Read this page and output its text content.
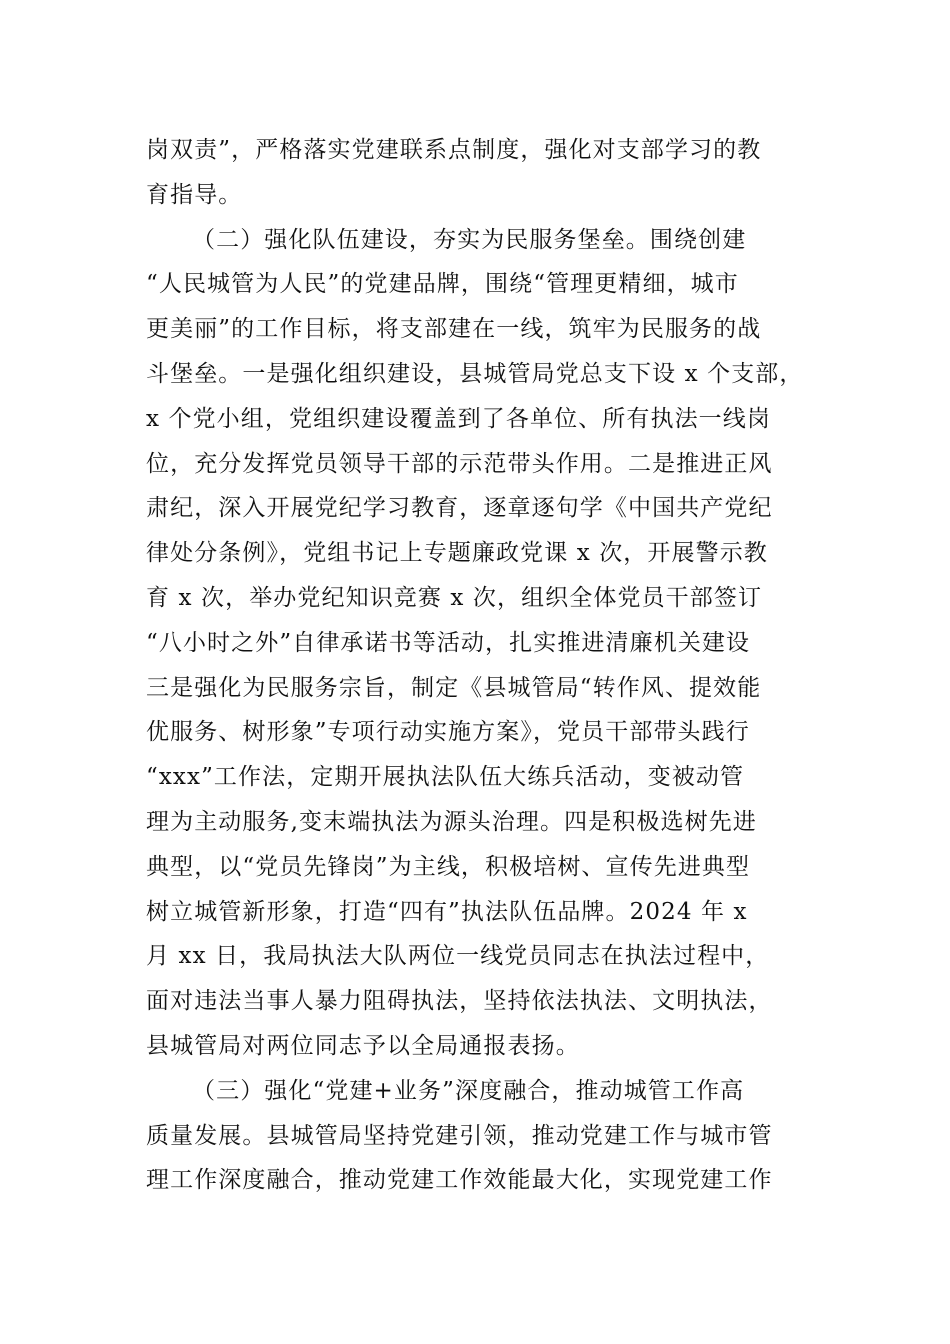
岗双责”，严格落实党建联系点制度，强化对支部学习的教
育指导。
（二）强化队伍建设，夯实为民服务堡垒。围绕创建
“人民城管为人民”的党建品牌，围绕“管理更精细，城市
更美丽”的工作目标，将支部建在一线，筑牢为民服务的战
斗堡垒。一是强化组织建设，县城管局党总支下设 x 个支部，
x 个党小组，党组织建设覆盖到了各单位、所有执法一线岗
位，充分发挥党员领导干部的示范带头作用。二是推进正风
肃纪，深入开展党纪学习教育，逐章逐句学《中国共产党纪
律处分条例》，党组书记上专题廉政党课 x 次，开展警示教
育 x 次，举办党纪知识竞赛 x 次，组织全体党员干部签订
“八小时之外”自律承诺书等活动，扎实推进清廉机关建设
三是强化为民服务宗旨，制定《县城管局“转作风、提效能
优服务、树形象”专项行动实施方案》，党员干部带头践行
“xxx”工作法，定期开展执法队伍大练兵活动，变被动管
理为主动服务,变末端执法为源头治理。四是积极选树先进
典型，以“党员先锋岗”为主线，积极培树、宣传先进典型
树立城管新形象，打造“四有”执法队伍品牌。2024 年 x
月 xx 日，我局执法大队两位一线党员同志在执法过程中，
面对违法当事人暴力阻碍执法，坚持依法执法、文明执法，
县城管局对两位同志予以全局通报表扬。
（三）强化“党建+业务”深度融合，推动城管工作高
质量发展。县城管局坚持党建引领，推动党建工作与城市管
理工作深度融合，推动党建工作效能最大化，实现党建工作
